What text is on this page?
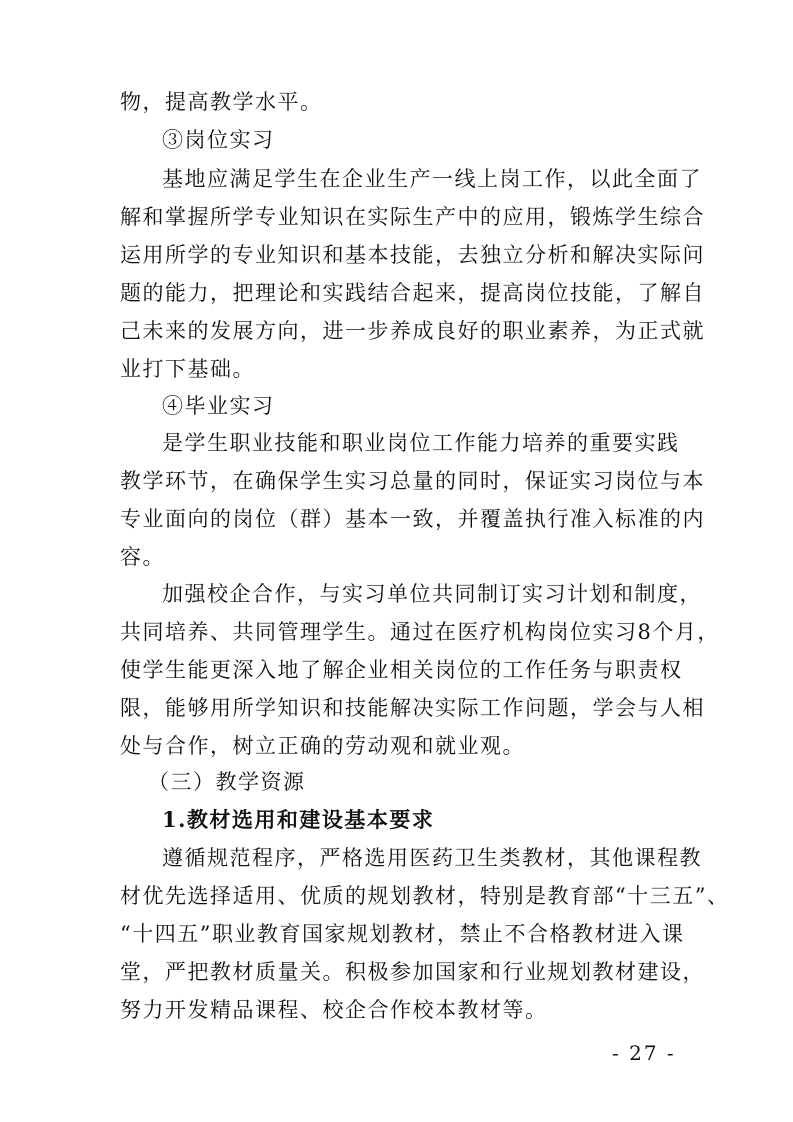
物，提高教学水平。
③岗位实习
基地应满足学生在企业生产一线上岗工作，以此全面了
解和掌握所学专业知识在实际生产中的应用，锻炼学生综合
运用所学的专业知识和基本技能，去独立分析和解决实际问
题的能力，把理论和实践结合起来，提高岗位技能，了解自
己未来的发展方向，进一步养成良好的职业素养，为正式就
业打下基础。
④毕业实习
是学生职业技能和职业岗位工作能力培养的重要实践
教学环节，在确保学生实习总量的同时，保证实习岗位与本
专业面向的岗位（群）基本一致，并覆盖执行准入标准的内
容。
加强校企合作，与实习单位共同制订实习计划和制度，
共同培养、共同管理学生。通过在医疗机构岗位实习8个月，
使学生能更深入地了解企业相关岗位的工作任务与职责权
限，能够用所学知识和技能解决实际工作问题，学会与人相
处与合作，树立正确的劳动观和就业观。
（三）教学资源
1.教材选用和建设基本要求
遵循规范程序，严格选用医药卫生类教材，其他课程教
材优先选择适用、优质的规划教材，特别是教育部“十三五”、
“十四五”职业教育国家规划教材，禁止不合格教材进入课
堂，严把教材质量关。积极参加国家和行业规划教材建设，
努力开发精品课程、校企合作校本教材等。
- 27 -
